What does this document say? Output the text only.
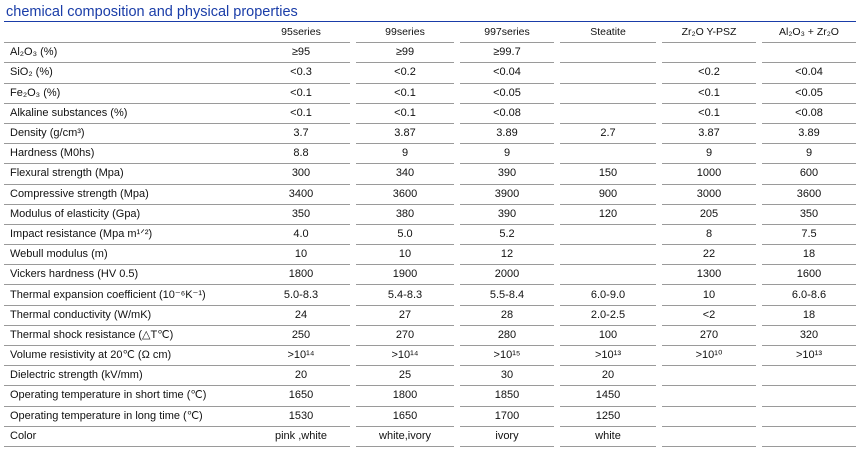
chemical composition and physical properties
	95series		99series		997series		Steatite		Zr₂O Y-PSZ		Al₂O₃ + Zr₂O
Al₂O₃ (%)	≥95		≥99		≥99.7						
SiO₂ (%)	<0.3		<0.2		<0.04				<0.2		<0.04
Fe₂O₃ (%)	<0.1		<0.1		<0.05				<0.1		<0.05
Alkaline substances (%)	<0.1		<0.1		<0.08				<0.1		<0.08
Density (g/cm³)	3.7		3.87		3.89		2.7		3.87		3.89
Hardness (M0hs)	8.8		9		9				9		9
Flexural strength (Mpa)	300		340		390		150		1000		600
Compressive strength (Mpa)	3400		3600		3900		900		3000		3600
Modulus of elasticity (Gpa)	350		380		390		120		205		350
Impact resistance (Mpa m¹ᐟ²)	4.0		5.0		5.2				8		7.5
Webull modulus (m)	10		10		12				22		18
Vickers hardness (HV 0.5)	1800		1900		2000				1300		1600
Thermal expansion coefficient (10⁻⁶K⁻¹)	5.0-8.3		5.4-8.3		5.5-8.4		6.0-9.0		10		6.0-8.6
Thermal conductivity (W/mK)	24		27		28		2.0-2.5		<2		18
Thermal shock resistance (△T℃)	250		270		280		100		270		320
Volume resistivity at 20℃ (Ω cm)	>10¹⁴		>10¹⁴		>10¹⁵		>10¹³		>10¹⁰		>10¹³
Dielectric strength (kV/mm)	20		25		30		20				
Operating temperature in short time (℃)	1650		1800		1850		1450				
Operating temperature in long time (℃)	1530		1650		1700		1250				
Color	pink ,white		white,ivory		ivory		white				
